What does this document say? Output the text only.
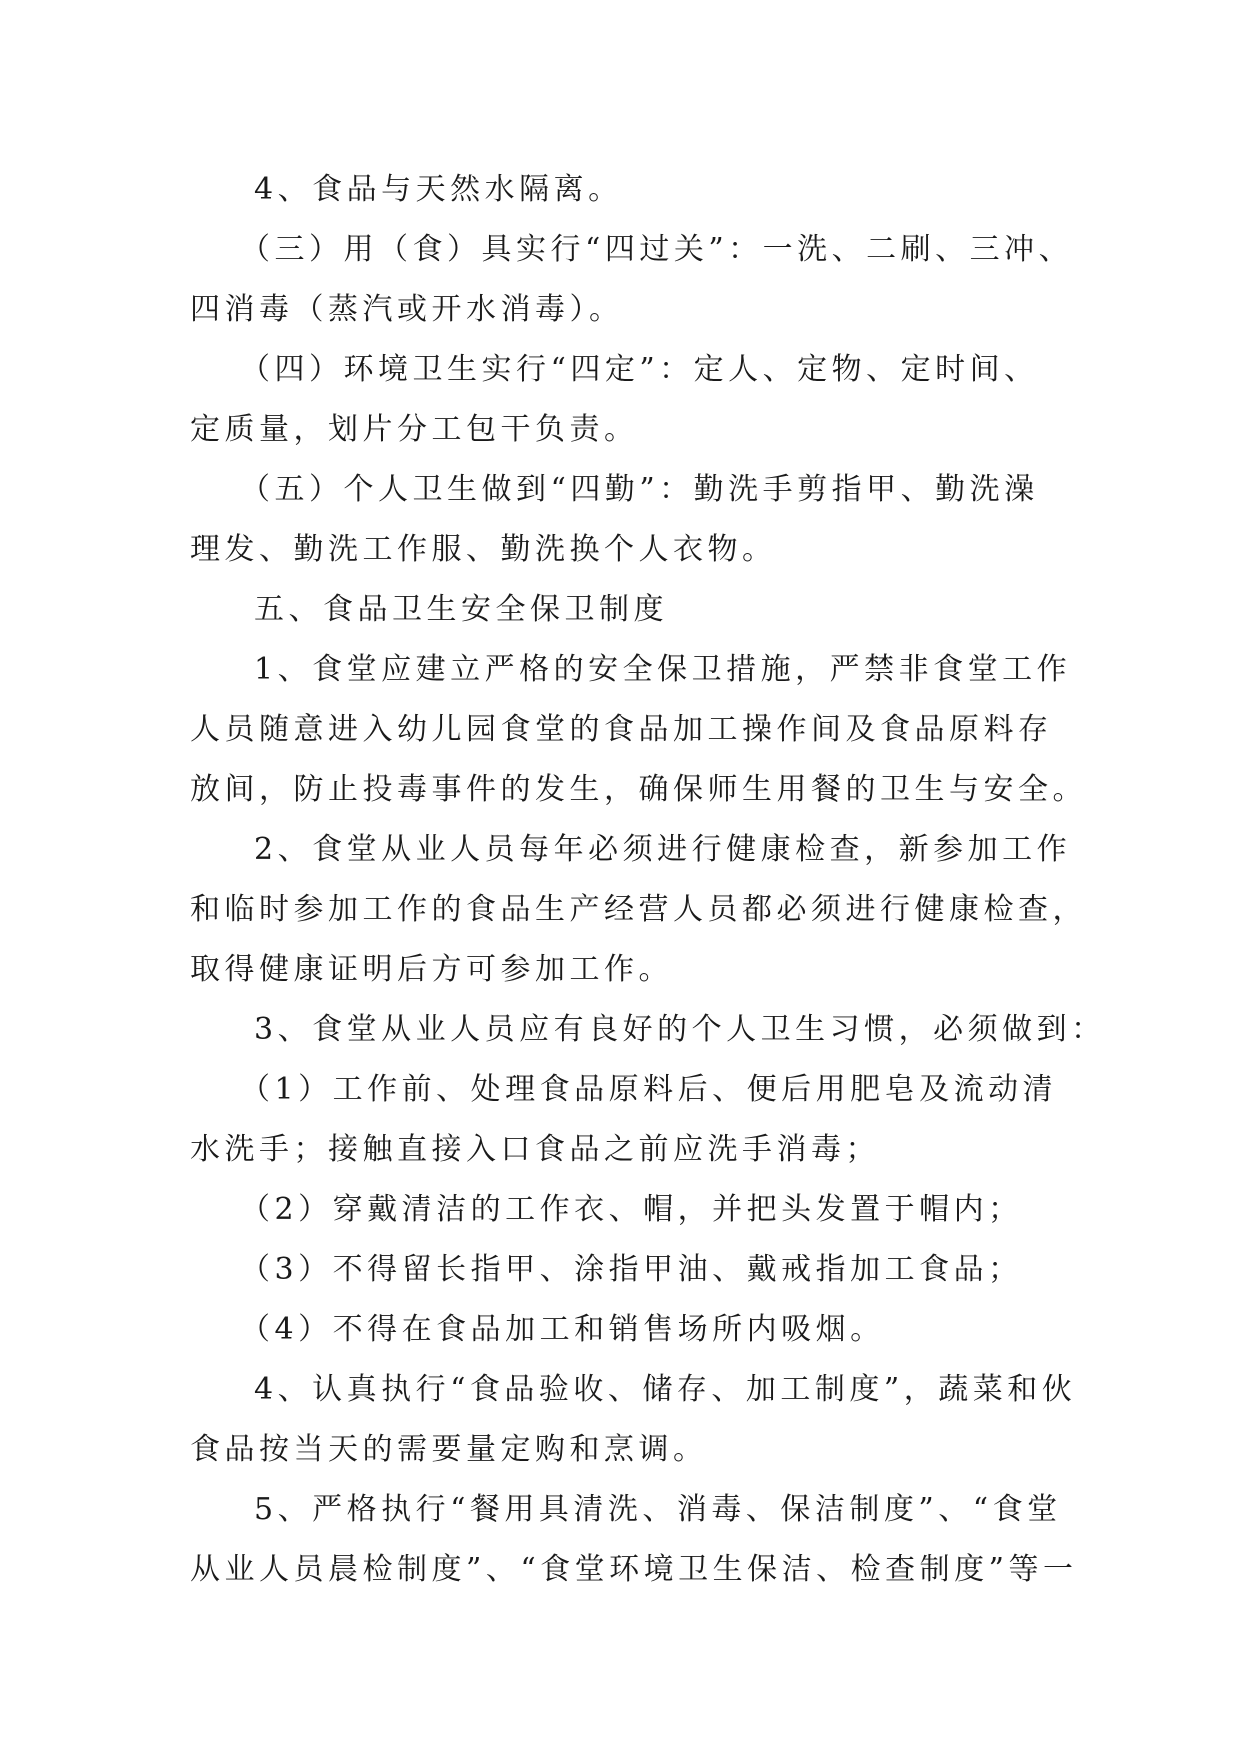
4、食品与天然水隔离。
（三）用（食）具实行“四过关”：一洗、二刷、三冲、
四消毒（蒸汽或开水消毒）。
（四）环境卫生实行“四定”：定人、定物、定时间、
定质量，划片分工包干负责。
（五）个人卫生做到“四勤”：勤洗手剪指甲、勤洗澡
理发、勤洗工作服、勤洗换个人衣物。
五、食品卫生安全保卫制度
1、食堂应建立严格的安全保卫措施，严禁非食堂工作
人员随意进入幼儿园食堂的食品加工操作间及食品原料存
放间，防止投毒事件的发生，确保师生用餐的卫生与安全。
2、食堂从业人员每年必须进行健康检查，新参加工作
和临时参加工作的食品生产经营人员都必须进行健康检查，
取得健康证明后方可参加工作。
3、食堂从业人员应有良好的个人卫生习惯，必须做到：
（1）工作前、处理食品原料后、便后用肥皂及流动清
水洗手；接触直接入口食品之前应洗手消毒；
（2）穿戴清洁的工作衣、帽，并把头发置于帽内；
（3）不得留长指甲、涂指甲油、戴戒指加工食品；
（4）不得在食品加工和销售场所内吸烟。
4、认真执行“食品验收、储存、加工制度”，蔬菜和伙
食品按当天的需要量定购和烹调。
5、严格执行“餐用具清洗、消毒、保洁制度”、“食堂
从业人员晨检制度”、“食堂环境卫生保洁、检查制度”等一
